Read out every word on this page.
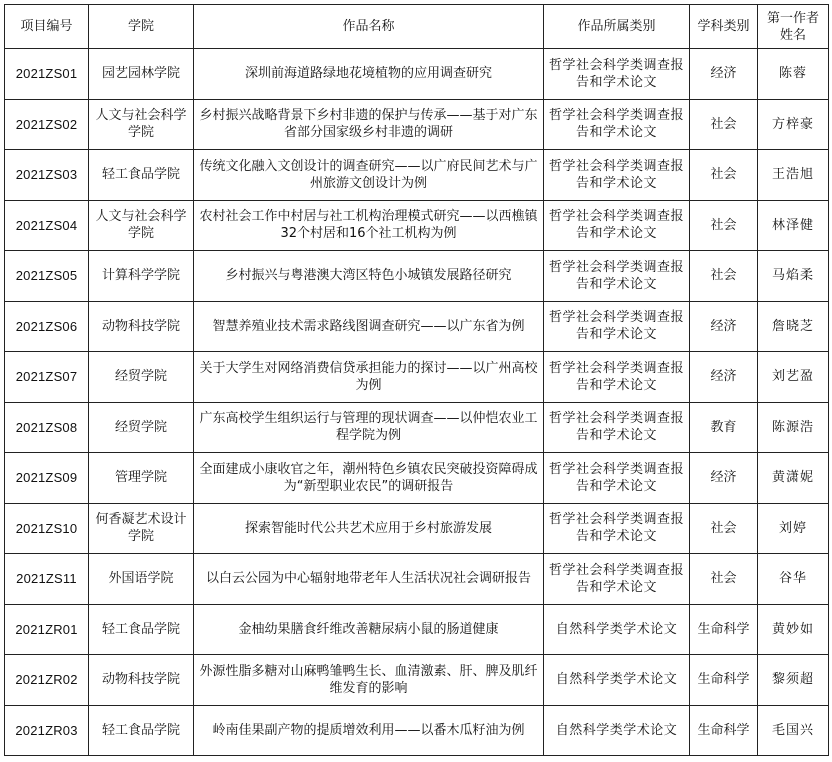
项目编号	学院	作品名称	作品所属类别	学科类别	第一作者姓名
2021ZS01	园艺园林学院	深圳前海道路绿地花境植物的应用调查研究	哲学社会科学类调查报告和学术论文	经济	陈蓉
2021ZS02	人文与社会科学学院	乡村振兴战略背景下乡村非遗的保护与传承——基于对广东省部分国家级乡村非遗的调研	哲学社会科学类调查报告和学术论文	社会	方梓豪
2021ZS03	轻工食品学院	传统文化融入文创设计的调查研究——以广府民间艺术与广州旅游文创设计为例	哲学社会科学类调查报告和学术论文	社会	王浩旭
2021ZS04	人文与社会科学学院	农村社会工作中村居与社工机构治理模式研究——以西樵镇32个村居和16个社工机构为例	哲学社会科学类调查报告和学术论文	社会	林泽健
2021ZS05	计算科学学院	乡村振兴与粤港澳大湾区特色小城镇发展路径研究	哲学社会科学类调查报告和学术论文	社会	马焰柔
2021ZS06	动物科技学院	智慧养殖业技术需求路线图调查研究——以广东省为例	哲学社会科学类调查报告和学术论文	经济	詹晓芝
2021ZS07	经贸学院	关于大学生对网络消费信贷承担能力的探讨——以广州高校为例	哲学社会科学类调查报告和学术论文	经济	刘艺盈
2021ZS08	经贸学院	广东高校学生组织运行与管理的现状调查——以仲恺农业工程学院为例	哲学社会科学类调查报告和学术论文	教育	陈源浩
2021ZS09	管理学院	全面建成小康收官之年，潮州特色乡镇农民突破投资障碍成为“新型职业农民”的调研报告	哲学社会科学类调查报告和学术论文	经济	黄潇妮
2021ZS10	何香凝艺术设计学院	探索智能时代公共艺术应用于乡村旅游发展	哲学社会科学类调查报告和学术论文	社会	刘婷
2021ZS11	外国语学院	以白云公园为中心辐射地带老年人生活状况社会调研报告	哲学社会科学类调查报告和学术论文	社会	谷华
2021ZR01	轻工食品学院	金柚幼果膳食纤维改善糖尿病小鼠的肠道健康	自然科学类学术论文	生命科学	黄妙如
2021ZR02	动物科技学院	外源性脂多糖对山麻鸭雏鸭生长、血清激素、肝、脾及肌纤维发育的影响	自然科学类学术论文	生命科学	黎须超
2021ZR03	轻工食品学院	岭南佳果副产物的提质增效利用——以番木瓜籽油为例	自然科学类学术论文	生命科学	毛国兴
